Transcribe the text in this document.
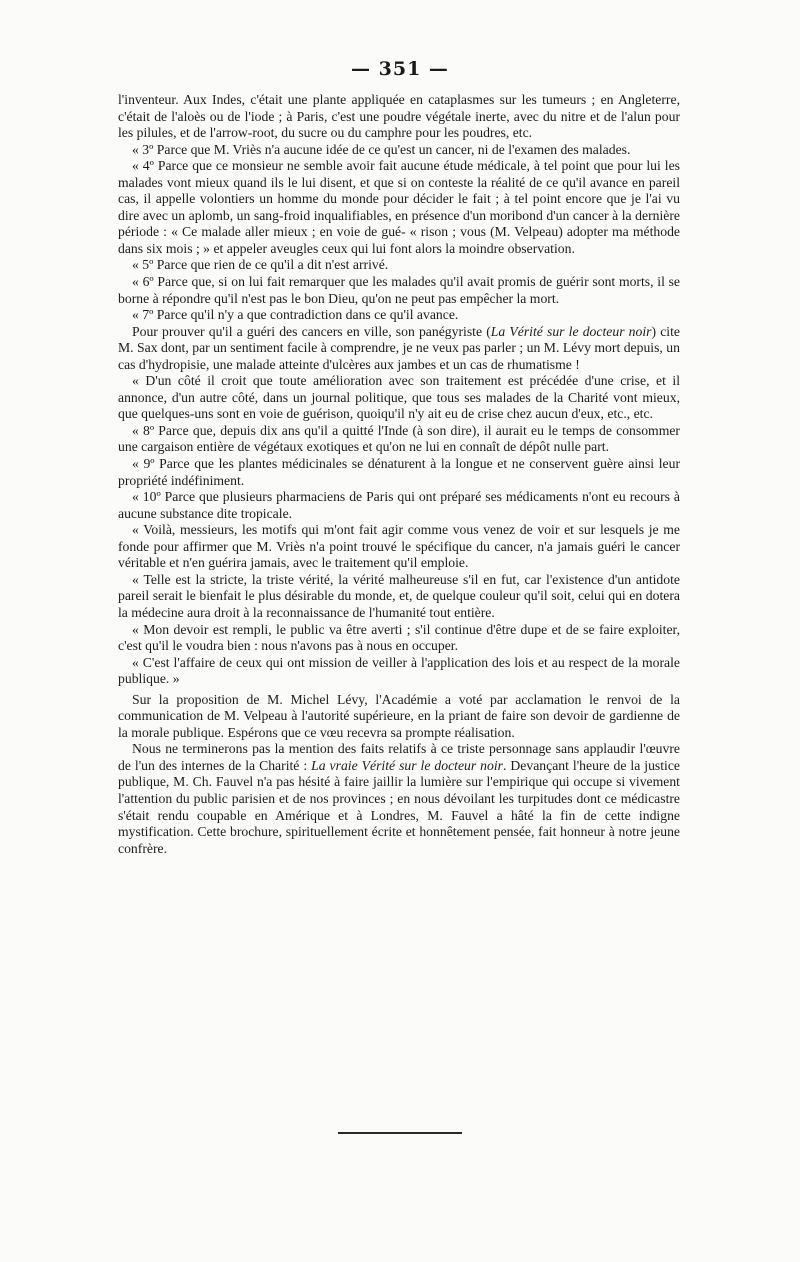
— 351 —

l'inventeur. Aux Indes, c'était une plante appliquée en cataplasmes sur les tumeurs ; en Angleterre, c'était de l'aloès ou de l'iode ; à Paris, c'est une poudre végétale inerte, avec du nitre et de l'alun pour les pilules, et de l'arrow-root, du sucre ou du camphre pour les poudres, etc.

« 3º Parce que M. Vriès n'a aucune idée de ce qu'est un cancer, ni de l'examen des malades.

« 4º Parce que ce monsieur ne semble avoir fait aucune étude médicale, à tel point que pour lui les malades vont mieux quand ils le lui disent, et que si on conteste la réalité de ce qu'il avance en pareil cas, il appelle volontiers un homme du monde pour décider le fait ; à tel point encore que je l'ai vu dire avec un aplomb, un sang-froid inqualifiables, en présence d'un moribond d'un cancer à la dernière période : « Ce malade aller mieux ; en voie de gué- « rison ; vous (M. Velpeau) adopter ma méthode dans six mois ; » et appeler aveugles ceux qui lui font alors la moindre observation.

« 5º Parce que rien de ce qu'il a dit n'est arrivé.

« 6º Parce que, si on lui fait remarquer que les malades qu'il avait promis de guérir sont morts, il se borne à répondre qu'il n'est pas le bon Dieu, qu'on ne peut pas empêcher la mort.

« 7º Parce qu'il n'y a que contradiction dans ce qu'il avance.

Pour prouver qu'il a guéri des cancers en ville, son panégyriste (La Vérité sur le docteur noir) cite M. Sax dont, par un sentiment facile à comprendre, je ne veux pas parler ; un M. Lévy mort depuis, un cas d'hydropisie, une malade atteinte d'ulcères aux jambes et un cas de rhumatisme !

« D'un côté il croit que toute amélioration avec son traitement est précédée d'une crise, et il annonce, d'un autre côté, dans un journal politique, que tous ses malades de la Charité vont mieux, que quelques-uns sont en voie de guérison, quoiqu'il n'y ait eu de crise chez aucun d'eux, etc., etc.

« 8º Parce que, depuis dix ans qu'il a quitté l'Inde (à son dire), il aurait eu le temps de consommer une cargaison entière de végétaux exotiques et qu'on ne lui en connaît de dépôt nulle part.

« 9º Parce que les plantes médicinales se dénaturent à la longue et ne conservent guère ainsi leur propriété indéfiniment.

« 10º Parce que plusieurs pharmaciens de Paris qui ont préparé ses médicaments n'ont eu recours à aucune substance dite tropicale.

« Voilà, messieurs, les motifs qui m'ont fait agir comme vous venez de voir et sur lesquels je me fonde pour affirmer que M. Vriès n'a point trouvé le spécifique du cancer, n'a jamais guéri le cancer véritable et n'en guérira jamais, avec le traitement qu'il emploie.

« Telle est la stricte, la triste vérité, la vérité malheureuse s'il en fut, car l'existence d'un antidote pareil serait le bienfait le plus désirable du monde, et, de quelque couleur qu'il soit, celui qui en dotera la médecine aura droit à la reconnaissance de l'humanité tout entière.

« Mon devoir est rempli, le public va être averti ; s'il continue d'être dupe et de se faire exploiter, c'est qu'il le voudra bien : nous n'avons pas à nous en occuper.

« C'est l'affaire de ceux qui ont mission de veiller à l'application des lois et au respect de la morale publique. »

Sur la proposition de M. Michel Lévy, l'Académie a voté par acclamation le renvoi de la communication de M. Velpeau à l'autorité supérieure, en la priant de faire son devoir de gardienne de la morale publique. Espérons que ce vœu recevra sa prompte réalisation.

Nous ne terminerons pas la mention des faits relatifs à ce triste personnage sans applaudir l'œuvre de l'un des internes de la Charité : La vraie Vérité sur le docteur noir. Devançant l'heure de la justice publique, M. Ch. Fauvel n'a pas hésité à faire jaillir la lumière sur l'empirique qui occupe si vivement l'attention du public parisien et de nos provinces ; en nous dévoilant les turpitudes dont ce médicastre s'était rendu coupable en Amérique et à Londres, M. Fauvel a hâté la fin de cette indigne mystification. Cette brochure, spirituellement écrite et honnêtement pensée, fait honneur à notre jeune confrère.
